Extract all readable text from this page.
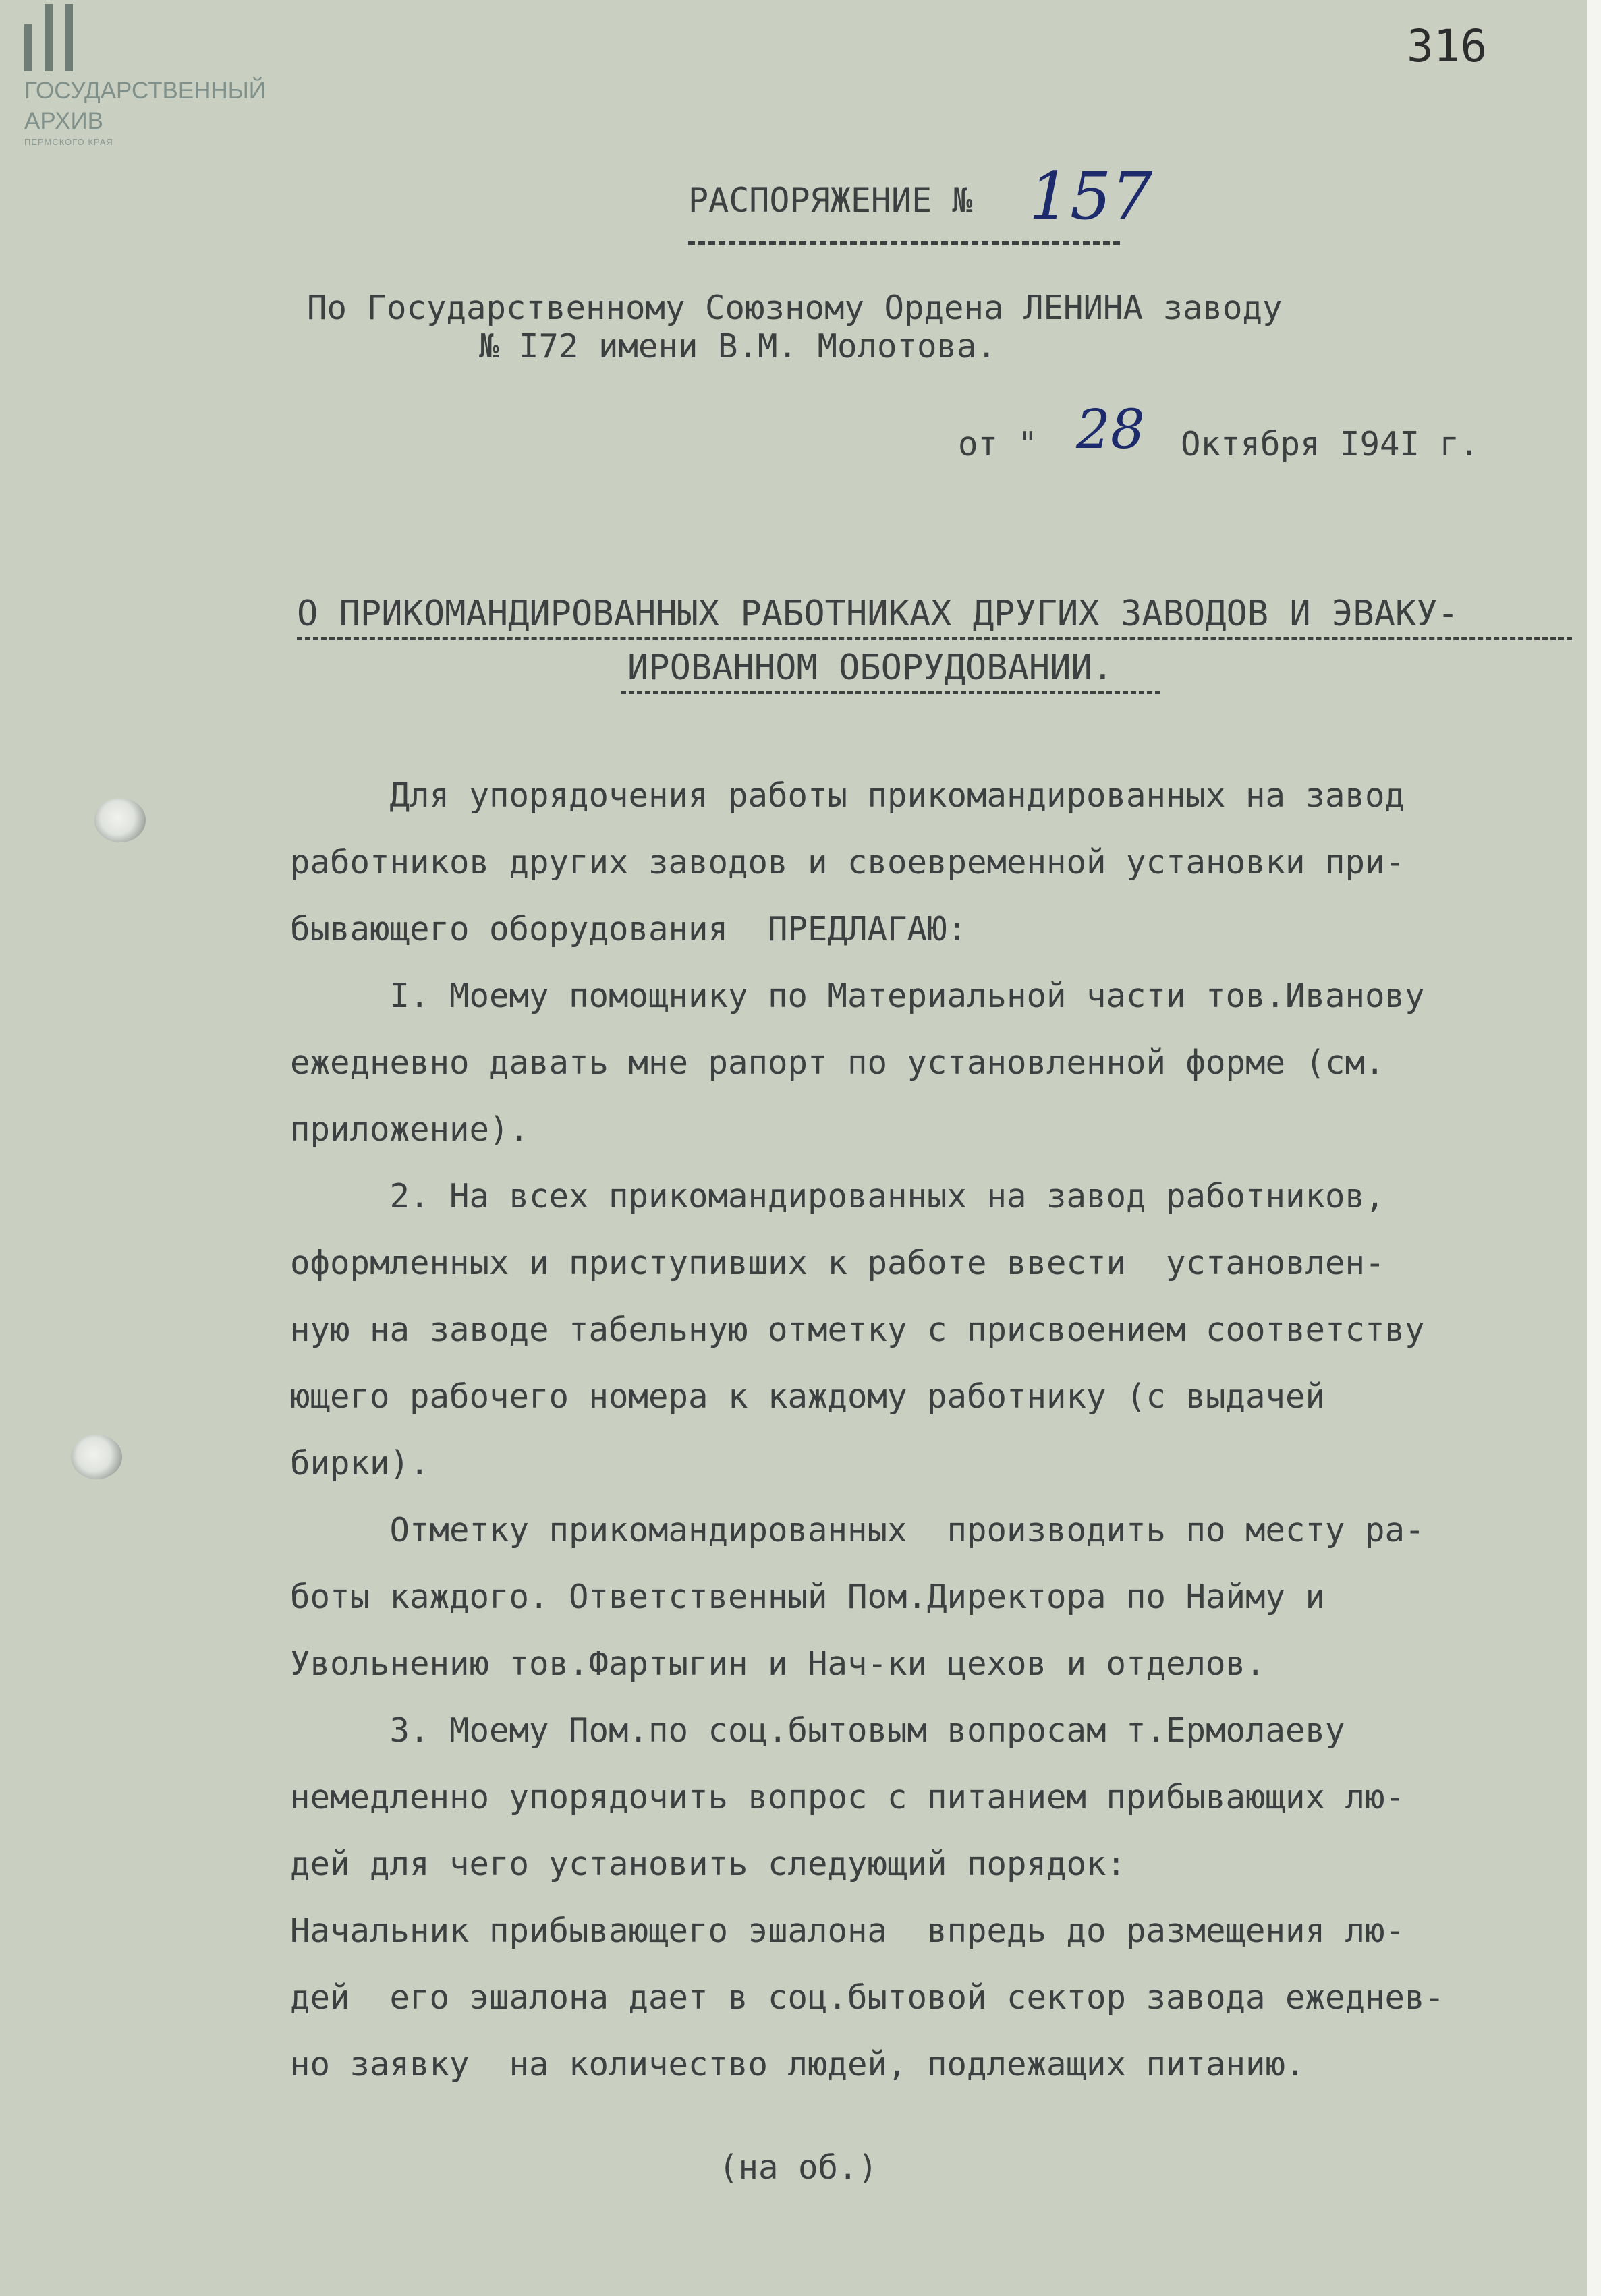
ГОСУДАРСТВЕННЫЙ
АРХИВ
ПЕРМСКОГО КРАЯ
316
РАСПОРЯЖЕНИЕ № 157
По Государственному Союзному Ордена ЛЕНИНА заводу
№ I72 имени В.М. Молотова.
от " 28 Октября I94I г.
О ПРИКОМАНДИРОВАННЫХ РАБОТНИКАХ ДРУГИХ ЗАВОДОВ И ЭВАКУ-
ИРОВАННОМ ОБОРУДОВАНИИ.
Для упорядочения работы прикомандированных на завод
работников других заводов и своевременной установки при-
бывающего оборудования  ПРЕДЛАГАЮ:
I. Моему помощнику по Материальной части тов.Иванову
ежедневно давать мне рапорт по установленной форме (см.
приложение).
2. На всех прикомандированных на завод работников,
оформленных и приступивших к работе ввести  установлен-
ную на заводе табельную отметку с присвоением соответству
ющего рабочего номера к каждому работнику (с выдачей
бирки).
Отметку прикомандированных  производить по месту ра-
боты каждого. Ответственный Пом.Директора по Найму и
Увольнению тов.Фартыгин и Нач-ки цехов и отделов.
3. Моему Пом.по соц.бытовым вопросам т.Ермолаеву
немедленно упорядочить вопрос с питанием прибывающих лю-
дей для чего установить следующий порядок:
Начальник прибывающего эшалона  впредь до размещения лю-
дей  его эшалона дает в соц.бытовой сектор завода ежеднев-
но заявку  на количество людей, подлежащих питанию.
(на об.)
